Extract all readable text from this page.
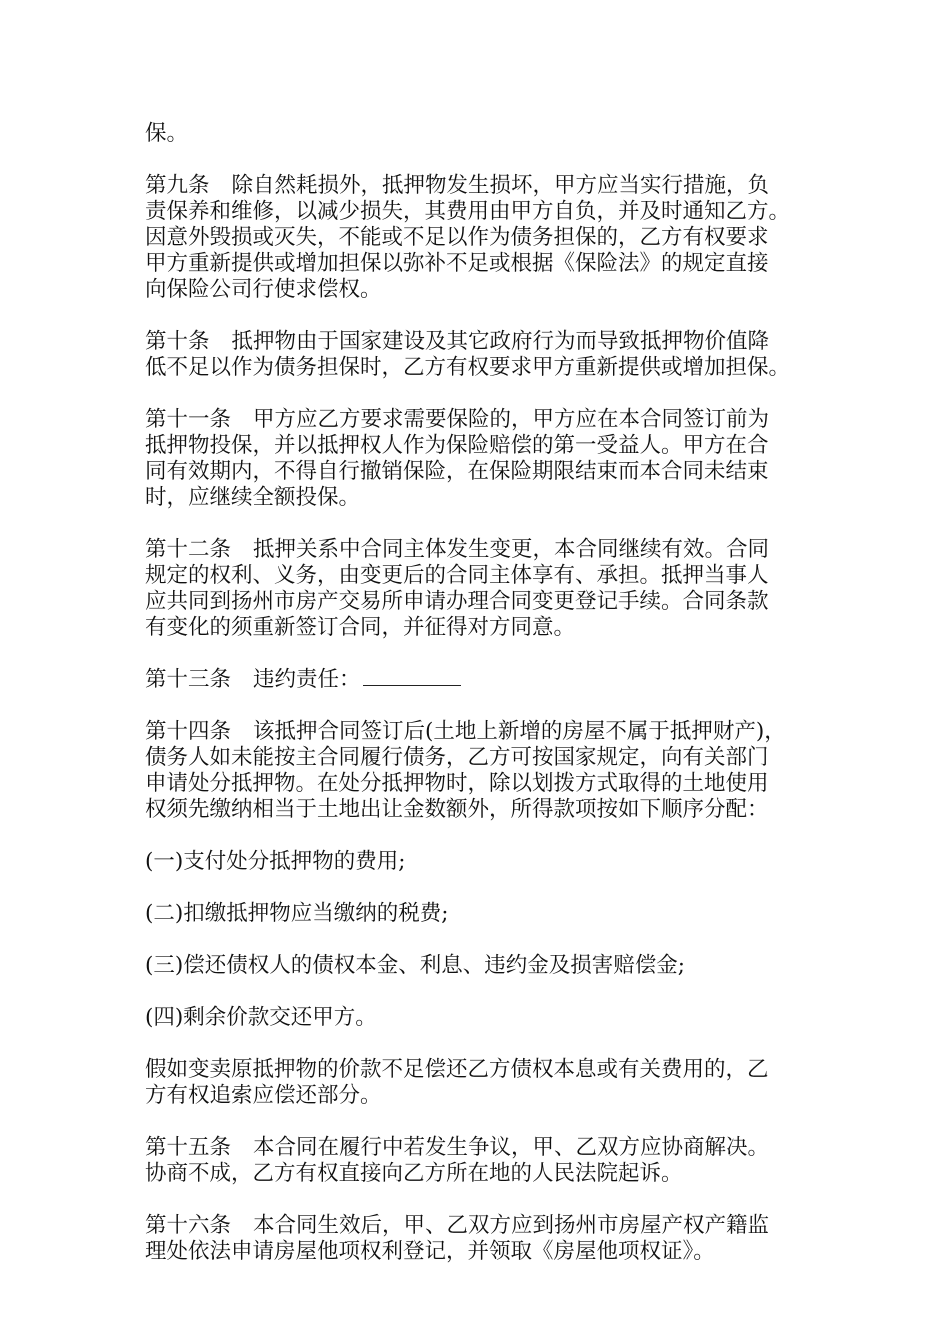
保。

第九条 除自然耗损外，抵押物发生损坏，甲方应当实行措施，负
责保养和维修，以减少损失，其费用由甲方自负，并及时通知乙方。
因意外毁损或灭失，不能或不足以作为债务担保的，乙方有权要求
甲方重新提供或增加担保以弥补不足或根据《保险法》的规定直接
向保险公司行使求偿权。

第十条 抵押物由于国家建设及其它政府行为而导致抵押物价值降
低不足以作为债务担保时，乙方有权要求甲方重新提供或增加担保。

第十一条 甲方应乙方要求需要保险的，甲方应在本合同签订前为
抵押物投保，并以抵押权人作为保险赔偿的第一受益人。甲方在合
同有效期内，不得自行撤销保险，在保险期限结束而本合同未结束
时，应继续全额投保。

第十二条 抵押关系中合同主体发生变更，本合同继续有效。合同
规定的权利、义务，由变更后的合同主体享有、承担。抵押当事人
应共同到扬州市房产交易所申请办理合同变更登记手续。合同条款
有变化的须重新签订合同，并征得对方同意。

第十三条 违约责任：

第十四条 该抵押合同签订后(土地上新增的房屋不属于抵押财产)，
债务人如未能按主合同履行债务，乙方可按国家规定，向有关部门
申请处分抵押物。在处分抵押物时，除以划拨方式取得的土地使用
权须先缴纳相当于土地出让金数额外，所得款项按如下顺序分配：

(一)支付处分抵押物的费用;

(二)扣缴抵押物应当缴纳的税费;

(三)偿还债权人的债权本金、利息、违约金及损害赔偿金;

(四)剩余价款交还甲方。

假如变卖原抵押物的价款不足偿还乙方债权本息或有关费用的，乙
方有权追索应偿还部分。

第十五条 本合同在履行中若发生争议，甲、乙双方应协商解决。
协商不成，乙方有权直接向乙方所在地的人民法院起诉。

第十六条 本合同生效后，甲、乙双方应到扬州市房屋产权产籍监
理处依法申请房屋他项权利登记，并领取《房屋他项权证》。
